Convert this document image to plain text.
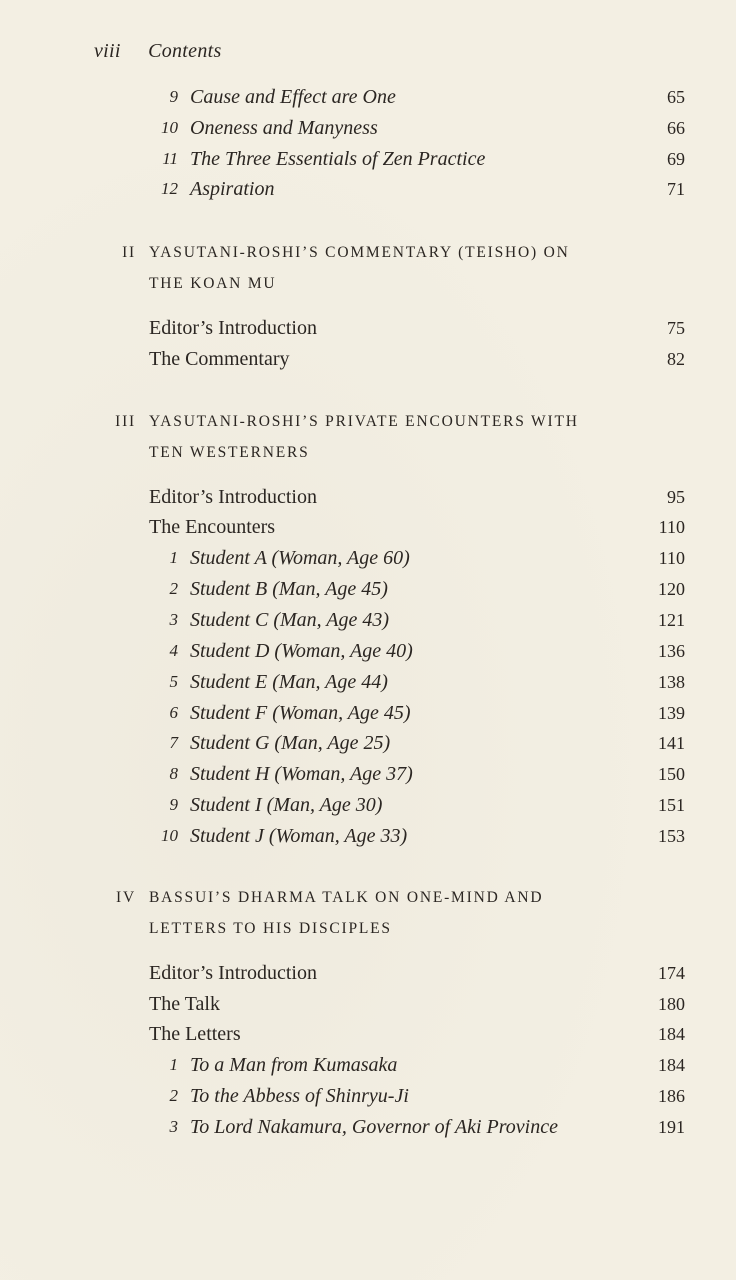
viii Contents
9 Cause and Effect are One	65
10 Oneness and Manyness	66
11 The Three Essentials of Zen Practice	69
12 Aspiration	71
II YASUTANI-ROSHI’S COMMENTARY (TEISHO) ON
THE KOAN MU
Editor’s Introduction	75
The Commentary	82
III YASUTANI-ROSHI’S PRIVATE ENCOUNTERS WITH
TEN WESTERNERS
Editor’s Introduction	95
The Encounters	110
1 Student A (Woman, Age 60)	110
2 Student B (Man, Age 45)	120
3 Student C (Man, Age 43)	121
4 Student D (Woman, Age 40)	136
5 Student E (Man, Age 44)	138
6 Student F (Woman, Age 45)	139
7 Student G (Man, Age 25)	141
8 Student H (Woman, Age 37)	150
9 Student I (Man, Age 30)	151
10 Student J (Woman, Age 33)	153
IV BASSUI’S DHARMA TALK ON ONE-MIND AND
LETTERS TO HIS DISCIPLES
Editor’s Introduction	174
The Talk	180
The Letters	184
1 To a Man from Kumasaka	184
2 To the Abbess of Shinryu-Ji	186
3 To Lord Nakamura, Governor of Aki Province	191
